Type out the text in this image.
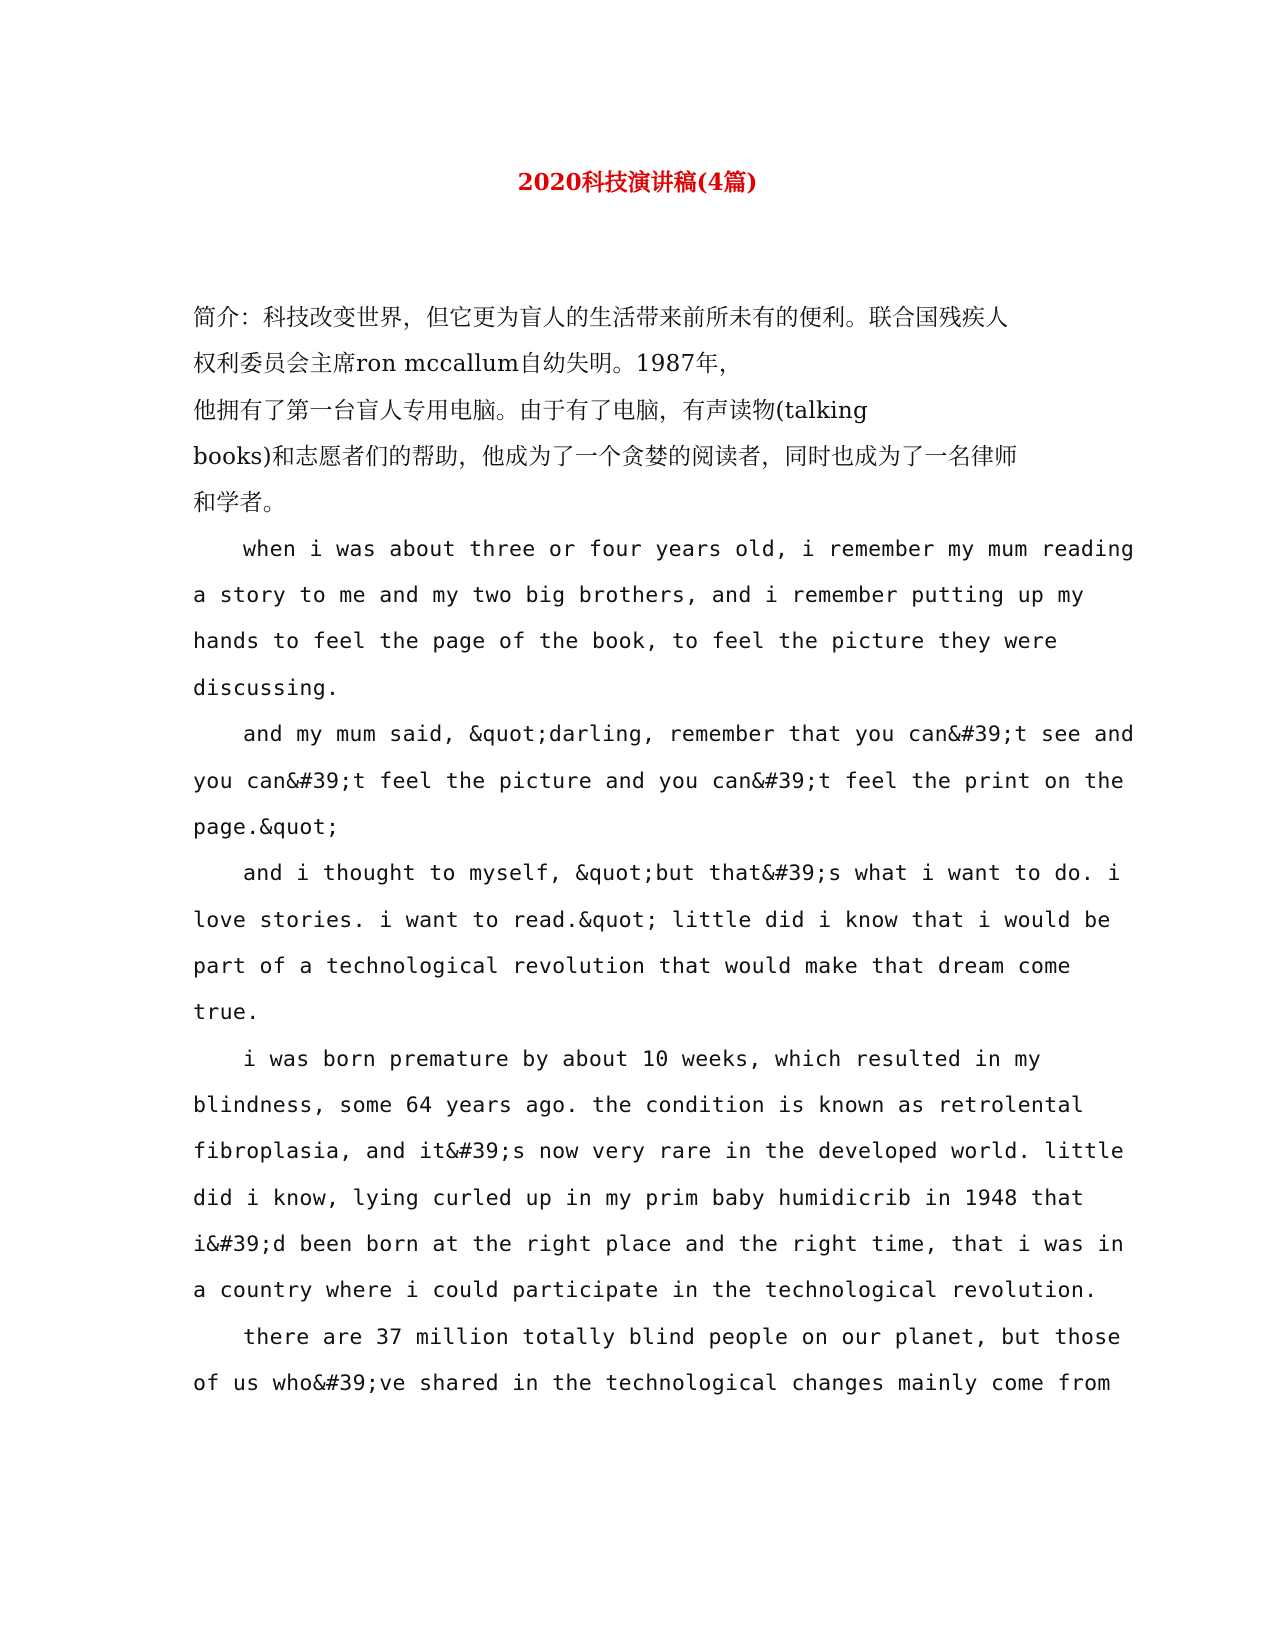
2020科技演讲稿(4篇)
简介：科技改变世界，但它更为盲人的生活带来前所未有的便利。联合国残疾人
权利委员会主席ron mccallum自幼失明。1987年，
他拥有了第一台盲人专用电脑。由于有了电脑，有声读物(talking
books)和志愿者们的帮助，他成为了一个贪婪的阅读者，同时也成为了一名律师
和学者。
when i was about three or four years old, i remember my mum reading
a story to me and my two big brothers, and i remember putting up my
hands to feel the page of the book, to feel the picture they were
discussing.
and my mum said, &quot;darling, remember that you can&#39;t see and
you can&#39;t feel the picture and you can&#39;t feel the print on the
page.&quot;
and i thought to myself, &quot;but that&#39;s what i want to do. i
love stories. i want to read.&quot; little did i know that i would be
part of a technological revolution that would make that dream come
true.
i was born premature by about 10 weeks, which resulted in my
blindness, some 64 years ago. the condition is known as retrolental
fibroplasia, and it&#39;s now very rare in the developed world. little
did i know, lying curled up in my prim baby humidicrib in 1948 that
i&#39;d been born at the right place and the right time, that i was in
a country where i could participate in the technological revolution.
there are 37 million totally blind people on our planet, but those
of us who&#39;ve shared in the technological changes mainly come from
